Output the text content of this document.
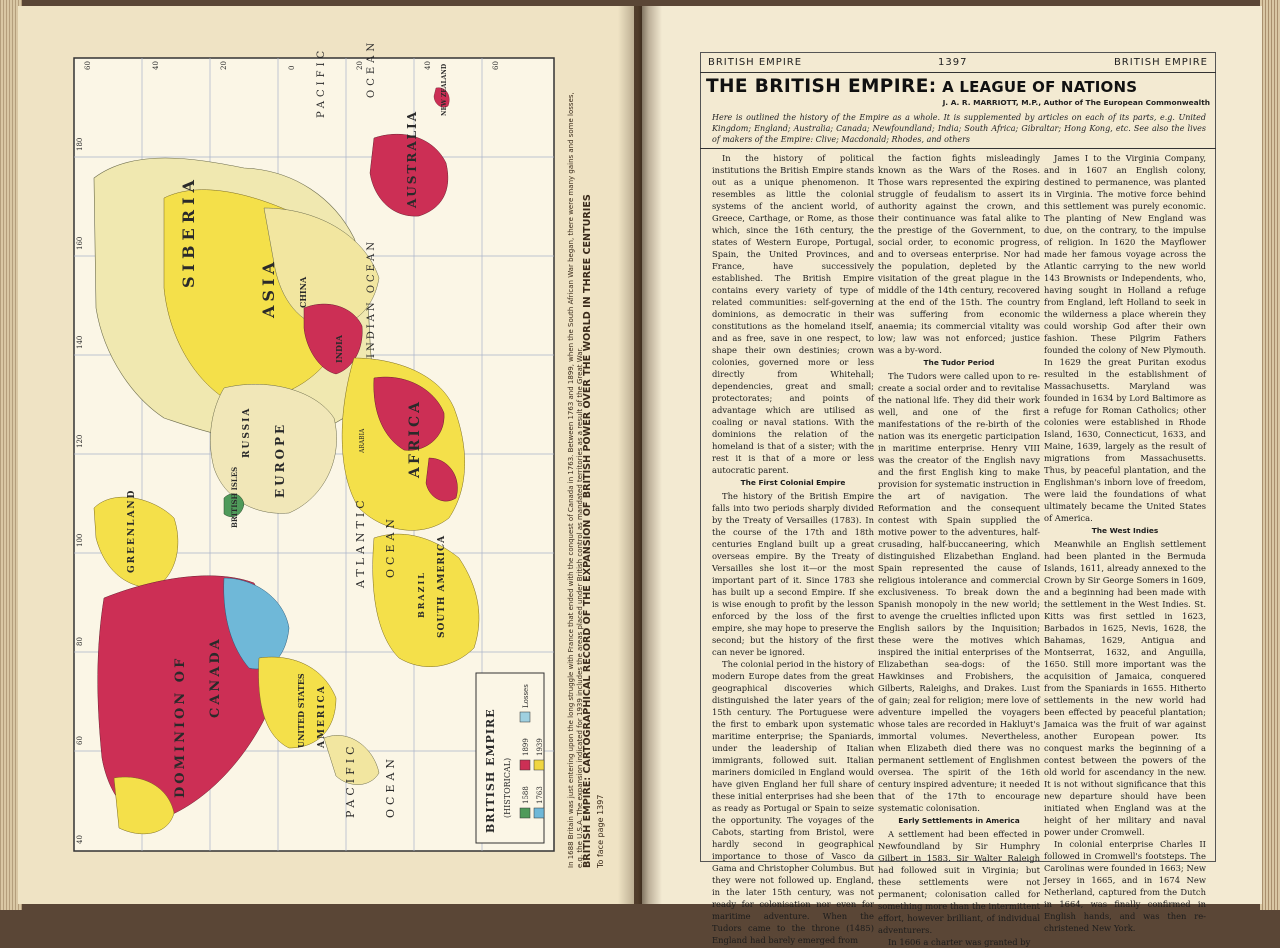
AUSTRALIA
AFRICA
ASIA
SIBERIA
EUROPE
RUSSIA
INDIA
CHINA
ARABIA
BRITISH ISLES
GREENLAND
SOUTH AMERICA
BRAZIL
DOMINION OF CANADA	UNITED STATES AMERICA
ATLANTIC OCEAN
PACIFIC OCEAN
PACIFIC	OCEAN
INDIAN OCEAN
NEW ZEALAND
40
60
80
100
120
140
160
180
60	40	20	0	20	40	60
BRITISH EMPIRE (HISTORICAL) 1588 1763
1899 1939
Losses	BRITISH EMPIRE: CARTOGRAPHICAL RECORD OF THE EXPANSION OF BRITISH POWER OVER THE WORLD IN THREE CENTURIES
In 1688 Britain was just entering upon the long struggle with France that ended with the conquest of Canada in 1763. Between 1763 and 1899, when the South African War began, there were many gains and some losses, e.g. the U.S.A. The expansion indicated for 1939 includes the areas placed under British control as mandated territories as a result of the Great War.	To face page 1397
BRITISH EMPIRE	1397	BRITISH EMPIRE
THE BRITISH EMPIRE: A LEAGUE OF NATIONS
J. A. R. MARRIOTT, M.P., Author of The European Commonwealth
Here is outlined the history of the Empire as a whole. It is supplemented by articles on each of its parts, e.g. United Kingdom; England; Australia; Canada; Newfoundland; India; South Africa; Gibraltar; Hong Kong, etc. See also the lives of makers of the Empire: Clive; Macdonald; Rhodes, and others

In the history of political institutions the British Empire stands out as a unique phenomenon. It resembles as little the colonial systems of the ancient world, of Greece, Carthage, or Rome, as those which, since the 16th century, the states of Western Europe, Portugal, Spain, the United Provinces, and France, have successively established. The British Empire contains every variety of type of related communities: self-governing dominions, as democratic in their constitutions as the homeland itself, and as free, save in one respect, to shape their own destinies; crown colonies, governed more or less directly from Whitehall; dependencies, great and small; protectorates; and points of advantage which are utilised as coaling or naval stations. With the dominions the relation of the homeland is that of a sister; with the rest it is that of a more or less autocratic parent.

The First Colonial Empire

The history of the British Empire falls into two periods sharply divided by the Treaty of Versailles (1783). In the course of the 17th and 18th centuries England built up a great overseas empire. By the Treaty of Versailles she lost it—or the most important part of it. Since 1783 she has built up a second Empire. If she is wise enough to profit by the lesson enforced by the loss of the first empire, she may hope to preserve the second; but the history of the first can never be ignored.

The colonial period in the history of modern Europe dates from the great geographical discoveries which distinguished the later years of the 15th century. The Portuguese were the first to embark upon systematic maritime enterprise; the Spaniards, under the leadership of Italian immigrants, followed suit. Italian mariners domiciled in England would have given England her full share of these initial enterprises had she been as ready as Portugal or Spain to seize the opportunity. The voyages of the Cabots, starting from Bristol, were hardly second in geographical importance to those of Vasco da Gama and Christopher Columbus. But they were not followed up. England, in the later 15th century, was not ready for colonisation nor even for maritime adventure. When the Tudors came to the throne (1485) England had barely emerged from

the faction fights misleadingly known as the Wars of the Roses. Those wars represented the expiring struggle of feudalism to assert its authority against the crown, and their continuance was fatal alike to the prestige of the Government, to social order, to economic progress, and to overseas enterprise. Nor had the population, depleted by the visitation of the great plague in the middle of the 14th century, recovered at the end of the 15th. The country was suffering from economic anaemia; its commercial vitality was low; law was not enforced; justice was a by-word.

The Tudor Period

The Tudors were called upon to re-create a social order and to revitalise the national life. They did their work well, and one of the first manifestations of the re-birth of the nation was its energetic participation in maritime enterprise. Henry VIII was the creator of the English navy and the first English king to make provision for systematic instruction in the art of navigation. The Reformation and the consequent contest with Spain supplied the motive power to the adventures, half-crusading, half-buccaneering, which distinguished Elizabethan England. Spain represented the cause of religious intolerance and commercial exclusiveness. To break down the Spanish monopoly in the new world; to avenge the cruelties inflicted upon English sailors by the Inquisition; these were the motives which inspired the initial enterprises of the Elizabethan sea-dogs: of the Hawkinses and Frobishers, the Gilberts, Raleighs, and Drakes. Lust of gain; zeal for religion; mere love of adventure impelled the voyagers whose tales are recorded in Hakluyt's immortal volumes. Nevertheless, when Elizabeth died there was no permanent settlement of Englishmen oversea. The spirit of the 16th century inspired adventure; it needed that of the 17th to encourage systematic colonisation.

Early Settlements in America

A settlement had been effected in Newfoundland by Sir Humphry Gilbert in 1583. Sir Walter Raleigh had followed suit in Virginia; but these settlements were not permanent; colonisation called for something more than the intermittent effort, however brilliant, of individual adventurers.

In 1606 a charter was granted by

James I to the Virginia Company, and in 1607 an English colony, destined to permanence, was planted in Virginia. The motive force behind this settlement was purely economic. The planting of New England was due, on the contrary, to the impulse of religion. In 1620 the Mayflower made her famous voyage across the Atlantic carrying to the new world 143 Brownists or Independents, who, having sought in Holland a refuge from England, left Holland to seek in the wilderness a place wherein they could worship God after their own fashion. These Pilgrim Fathers founded the colony of New Plymouth. In 1629 the great Puritan exodus resulted in the establishment of Massachusetts. Maryland was founded in 1634 by Lord Baltimore as a refuge for Roman Catholics; other colonies were established in Rhode Island, 1630, Connecticut, 1633, and Maine, 1639, largely as the result of migrations from Massachusetts. Thus, by peaceful plantation, and the Englishman's inborn love of freedom, were laid the foundations of what ultimately became the United States of America.

The West Indies

Meanwhile an English settlement had been planted in the Bermuda Islands, 1611, already annexed to the Crown by Sir George Somers in 1609, and a beginning had been made with the settlement in the West Indies. St. Kitts was first settled in 1623, Barbados in 1625, Nevis, 1628, the Bahamas, 1629, Antigua and Montserrat, 1632, and Anguilla, 1650. Still more important was the acquisition of Jamaica, conquered from the Spaniards in 1655. Hitherto settlements in the new world had been effected by peaceful plantation; Jamaica was the fruit of war against another European power. Its conquest marks the beginning of a contest between the powers of the old world for ascendancy in the new. It is not without significance that this new departure should have been initiated when England was at the height of her military and naval power under Cromwell.

In colonial enterprise Charles II followed in Cromwell's footsteps. The Carolinas were founded in 1663; New Jersey in 1665, and in 1674 New Netherland, captured from the Dutch in 1664, was finally confirmed in English hands, and was then re-christened New York.
